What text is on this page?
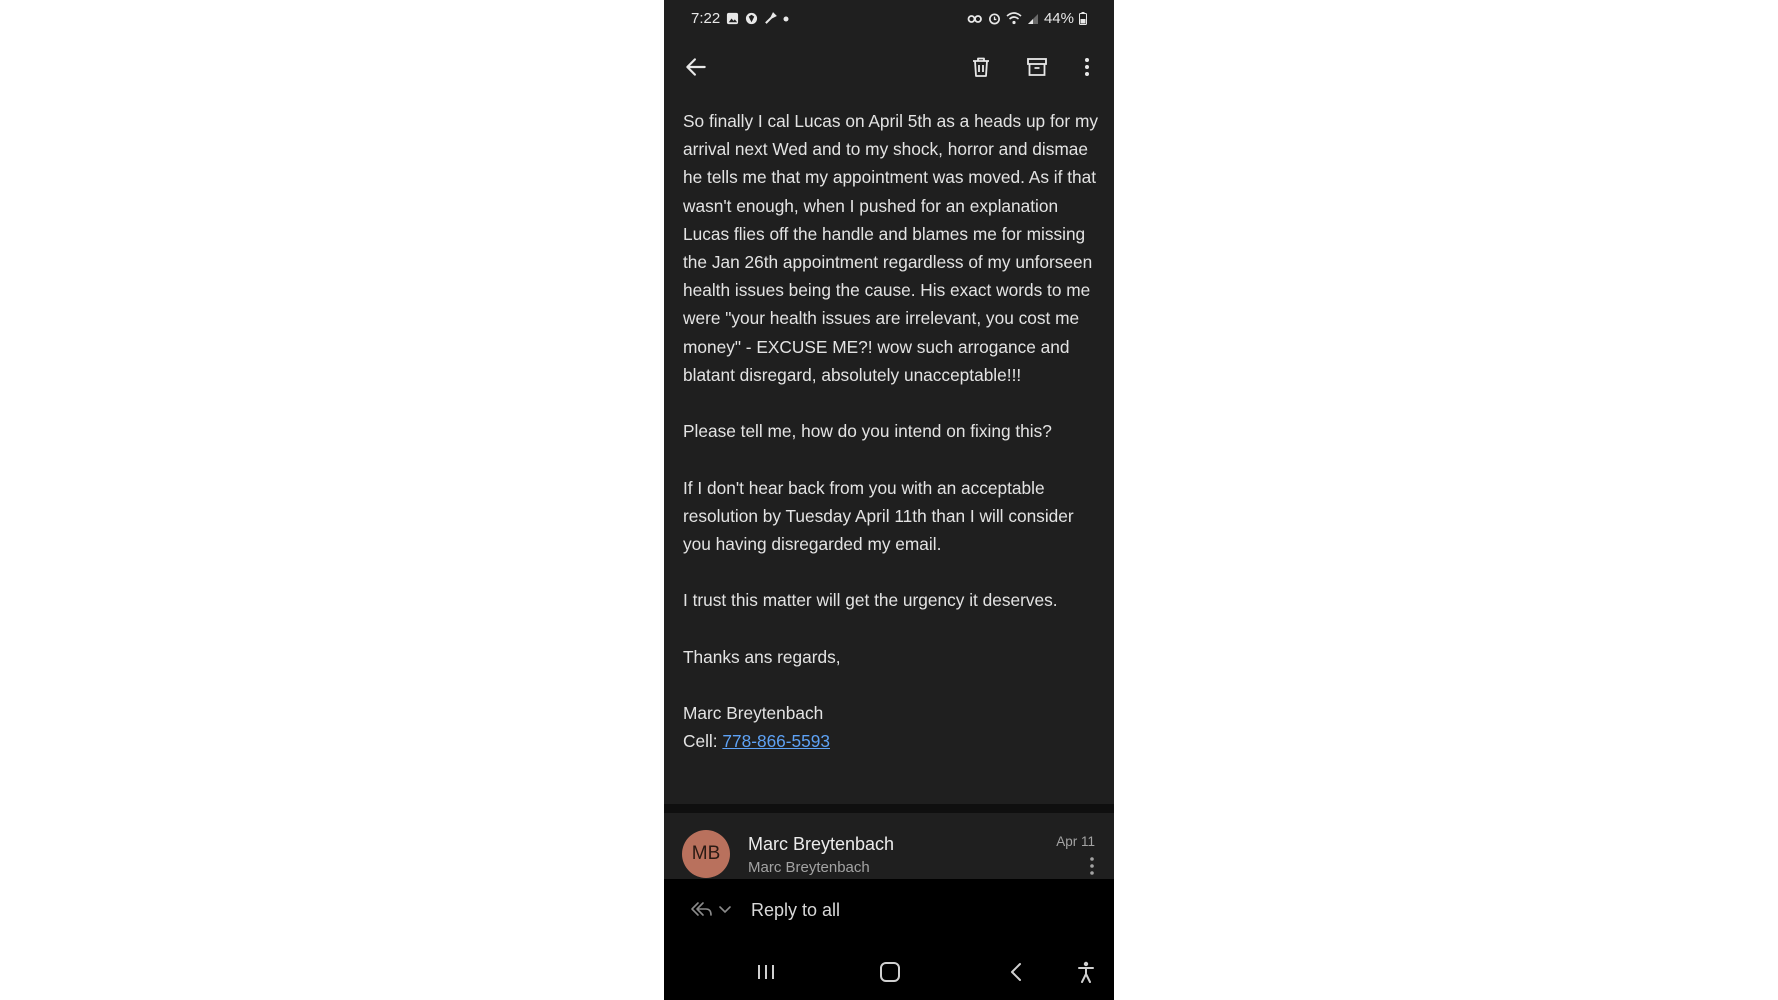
7:22	44%

So finally I cal Lucas on April 5th as a heads up for my arrival next Wed and to my shock, horror and dismae he tells me that my appointment was moved. As if that wasn't enough, when I pushed for an explanation Lucas flies off the handle and blames me for missing the Jan 26th appointment regardless of my unforseen health issues being the cause. His exact words to me were "your health issues are irrelevant, you cost me money" - EXCUSE ME?! wow such arrogance and blatant disregard, absolutely unacceptable!!!

Please tell me, how do you intend on fixing this?

If I don't hear back from you with an acceptable resolution by Tuesday April 11th than I will consider you having disregarded my email.

I trust this matter will get the urgency it deserves.

Thanks ans regards,

Marc Breytenbach

Cell: 778-866-5593

MB	Marc Breytenbach
Marc Breytenbach
Apr 11
Reply to all
